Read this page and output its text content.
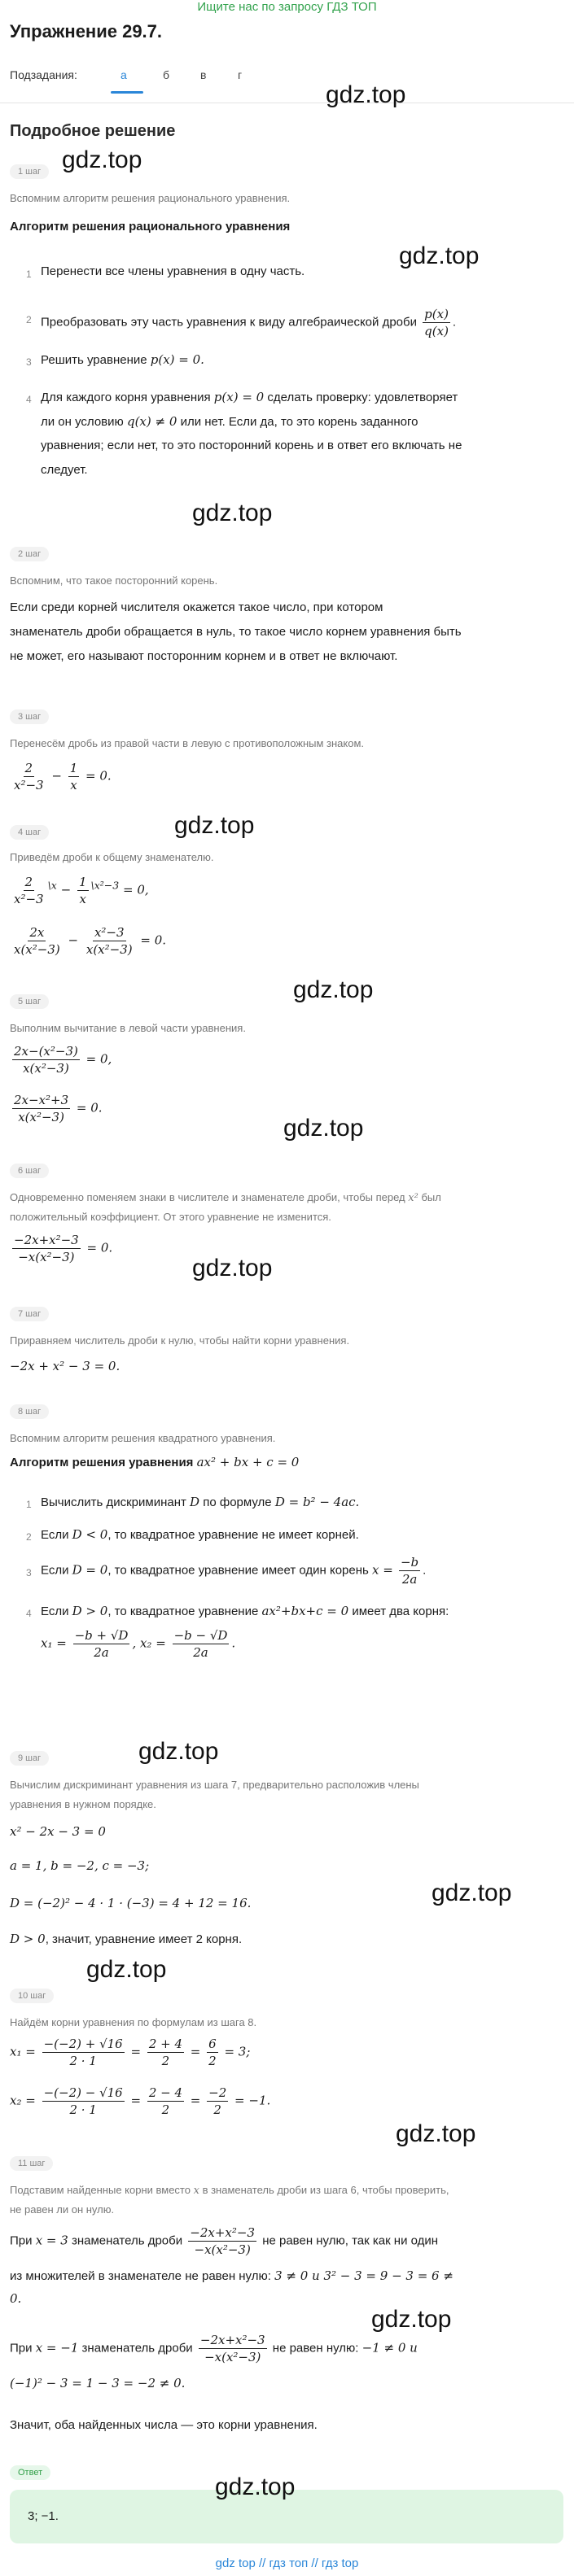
Ищите нас по запросу ГДЗ ТОП
Упражнение 29.7.
Подзадания:	а	б	в	г
gdz.top
Подробное решение
1 шаг gdz.top
Вспомним алгоритм решения рационального уравнения.
Алгоритм решения рационального уравнения
gdz.top
1 Перенести все члены уравнения в одну часть.
2 Преобразовать эту часть уравнения к виду алгебраической дроби $\frac{p(x)}{q(x)}$ .
3 Решить уравнение p(x) = 0.
4 Для каждого корня уравнения p(x) = 0 сделать проверку: удовлетворяет
ли он условию q(x) ≠ 0 или нет. Если да, то это корень заданного
уравнения; если нет, то это посторонний корень и в ответ его включать не
следует.
gdz.top
2 шаг
Вспомним, что такое посторонний корень.
Если среди корней числителя окажется такое число, при котором
знаменатель дроби обращается в нуль, то такое число корнем уравнения быть
не может, его называют посторонним корнем и в ответ не включают.
3 шаг
Перенесём дробь из правой части в левую с противоположным знаком.
$\frac{2}{\text{x²−3}} - \frac{1}{x} = 0$.
gdz.top
4 шаг
Приведём дроби к общему знаменателю.
$\frac{2}{\text{x²−3}} ^{\backslash x} - \frac{1}{x} ^{\backslash x^2-3} = 0$,
$\frac{2x}{\text{x(x²−3)}} - \frac{\text{x²−3}}{\text{x(x²−3)}} = 0$.
gdz.top
5 шаг
Выполним вычитание в левой части уравнения.
$\frac{\text{2x−(x²−3)}}{\text{x(x²−3)}} = 0$,
$\frac{\text{2x−x²+3}}{\text{x(x²−3)}} = 0$.
gdz.top
6 шаг
Одновременно поменяем знаки в числителе и знаменателе дроби, чтобы перед x² был
положительный коэффициент. От этого уравнение не изменится.
$\frac{\text{−2x+x²−3}}{\text{−x(x²−3)}} = 0$.
gdz.top
7 шаг
Приравняем числитель дроби к нулю, чтобы найти корни уравнения.
−2x + x² − 3 = 0.
8 шаг
Вспомним алгоритм решения квадратного уравнения.
Алгоритм решения уравнения ax² + bx + c = 0
1 Вычислить дискриминант D по формуле D = b² − 4ac.
2 Если D < 0, то квадратное уравнение не имеет корней.
3 Если D = 0, то квадратное уравнение имеет один корень $x = \frac{-b}{2a}$ .
4 Если D > 0, то квадратное уравнение ax²+bx+c = 0 имеет два корня:
$x_1 = \frac{-b + √D}{2a}$ , $x_2 = \frac{-b - √D}{2a}$ .
gdz.top
9 шаг
Вычислим дискриминант уравнения из шага 7, предварительно расположив члены
уравнения в нужном порядке.
x² − 2x − 3 = 0
a = 1, b = −2, c = −3;
D = (−2)² − 4 · 1 · (−3) = 4 + 12 = 16.	gdz.top
D > 0, значит, уравнение имеет 2 корня.
gdz.top
10 шаг
Найдём корни уравнения по формулам из шага 8.
$x_1 = \frac{-(-2) + √16}{2 \cdot 1} = \frac{2 + 4}{2} = \frac{6}{2} = 3$;
$x_2 = \frac{-(-2) - √16}{2 \cdot 1} = \frac{2 - 4}{2} = \frac{-2}{2} = -1$.
gdz.top
11 шаг
Подставим найденные корни вместо x в знаменатель дроби из шага 6, чтобы проверить,
не равен ли он нулю.
При x = 3 знаменатель дроби $\frac{\text{−2x+x²−3}}{\text{−x(x²−3)}}$ не равен нулю, так как ни один
из множителей в знаменателе не равен нулю: 3 ≠ 0 и 3² − 3 = 9 − 3 = 6 ≠
0.
gdz.top
При x = −1 знаменатель дроби $\frac{\text{−2x+x²−3}}{\text{−x(x²−3)}}$ не равен нулю: −1 ≠ 0 и
(−1)² − 3 = 1 − 3 = −2 ≠ 0.
Значит, оба найденных числа — это корни уравнения.
Ответ
3; −1.
gdz.top
gdz top // гдз топ // гдз top
